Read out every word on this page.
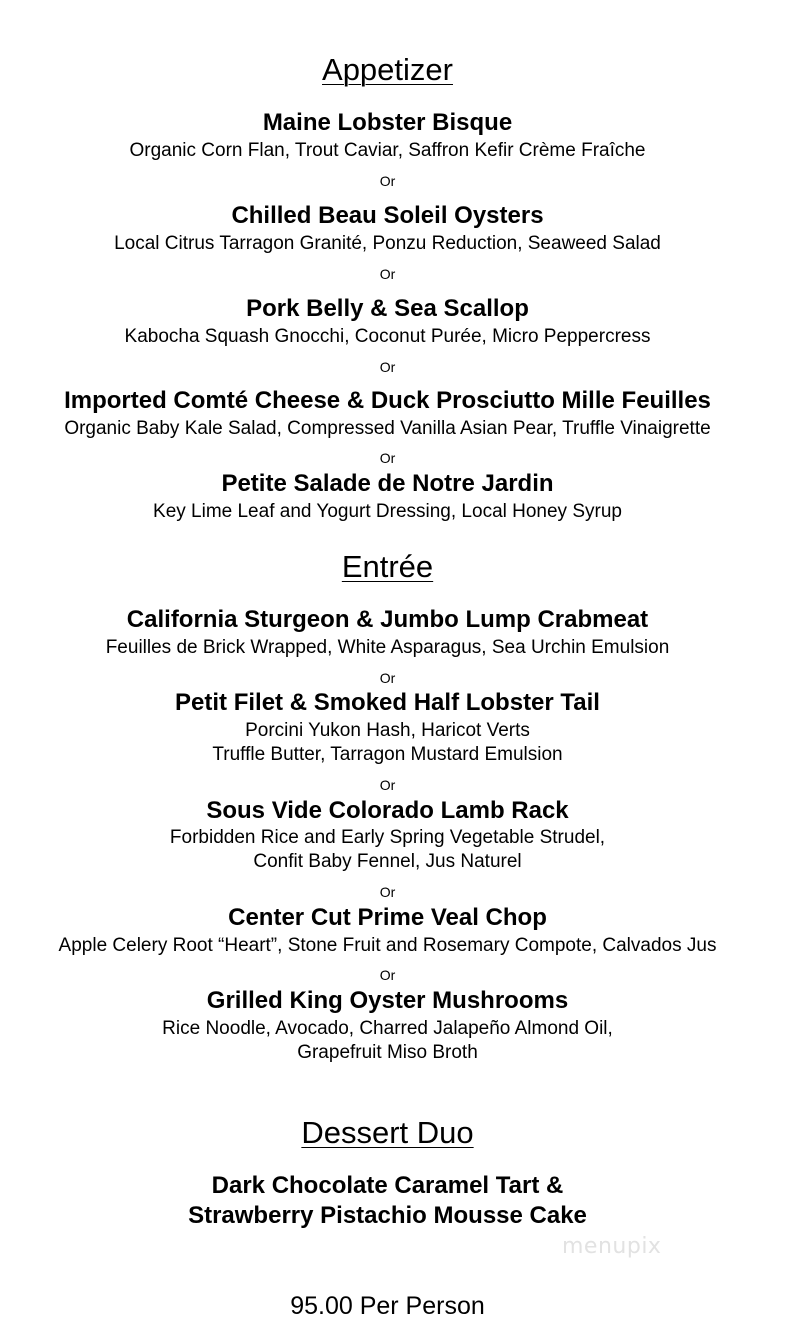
Appetizer
Maine Lobster Bisque
Organic Corn Flan, Trout Caviar, Saffron Kefir Crème Fraîche
Or
Chilled Beau Soleil Oysters
Local Citrus Tarragon Granité, Ponzu Reduction, Seaweed Salad
Or
Pork Belly & Sea Scallop
Kabocha Squash Gnocchi, Coconut Purée, Micro Peppercress
Or
Imported Comté Cheese & Duck Prosciutto Mille Feuilles
Organic Baby Kale Salad, Compressed Vanilla Asian Pear, Truffle Vinaigrette
Or
Petite Salade de Notre Jardin
Key Lime Leaf and Yogurt Dressing, Local Honey Syrup
Entrée
California Sturgeon & Jumbo Lump Crabmeat
Feuilles de Brick Wrapped, White Asparagus, Sea Urchin Emulsion
Or
Petit Filet & Smoked Half Lobster Tail
Porcini Yukon Hash, Haricot Verts
Truffle Butter, Tarragon Mustard Emulsion
Or
Sous Vide Colorado Lamb Rack
Forbidden Rice and Early Spring Vegetable Strudel,
Confit Baby Fennel, Jus Naturel
Or
Center Cut Prime Veal Chop
Apple Celery Root “Heart”, Stone Fruit and Rosemary Compote, Calvados Jus
Or
Grilled King Oyster Mushrooms
Rice Noodle, Avocado, Charred Jalapeño Almond Oil,
Grapefruit Miso Broth
Dessert Duo
Dark Chocolate Caramel Tart &
Strawberry Pistachio Mousse Cake
menupix
95.00 Per Person
